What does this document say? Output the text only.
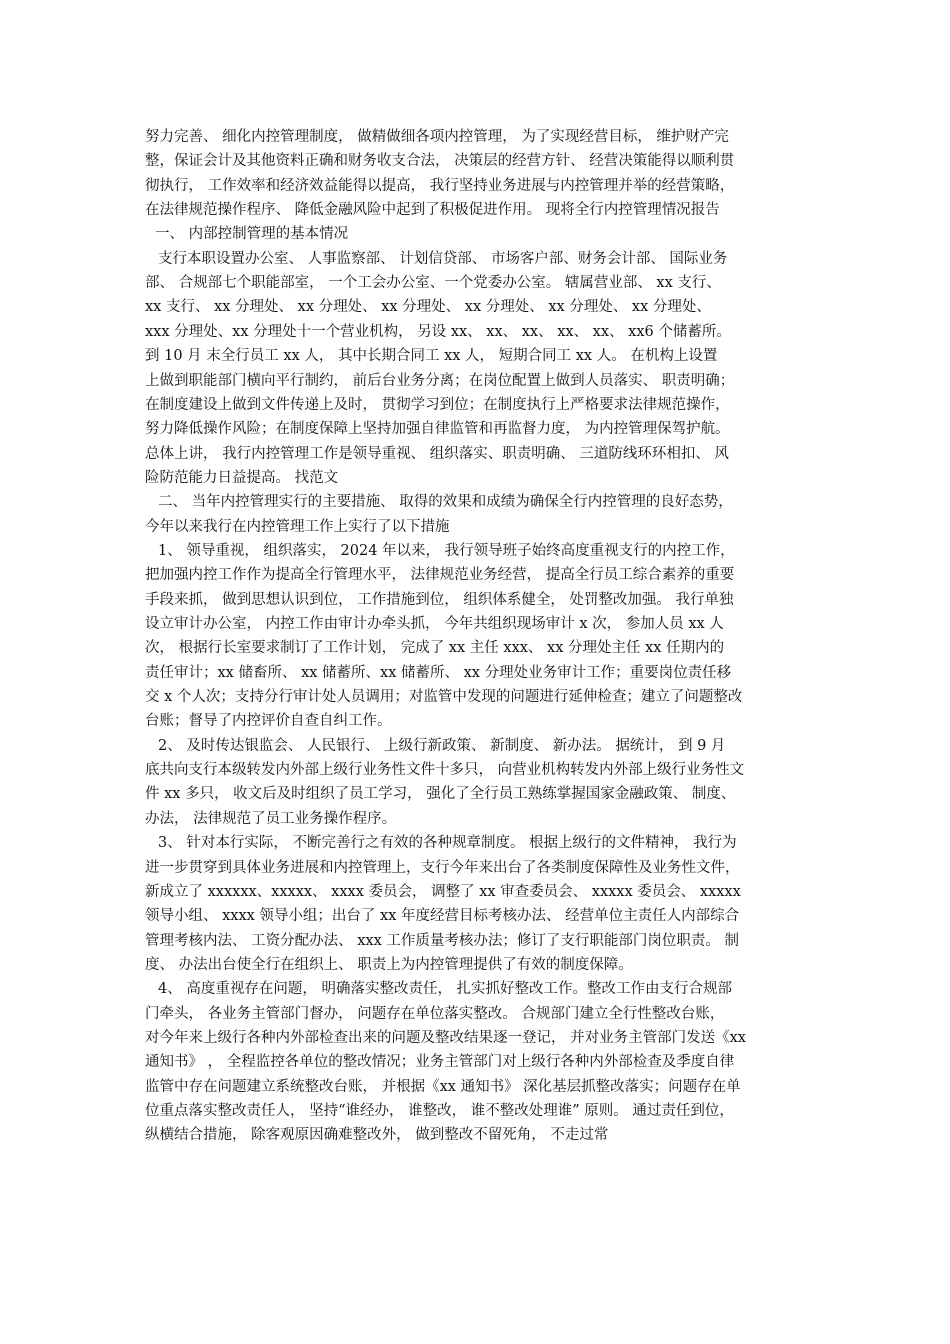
努力完善、 细化内控管理制度， 做精做细各项内控管理， 为了实现经营目标， 维护财产完
整，保证会计及其他资料正确和财务收支合法， 决策层的经营方针、 经营决策能得以顺利贯
彻执行， 工作效率和经济效益能得以提高， 我行坚持业务进展与内控管理并举的经营策略，
在法律规范操作程序、 降低金融风险中起到了积极促进作用。 现将全行内控管理情况报告
一、 内部控制管理的基本情况
支行本职设置办公室、 人事监察部、 计划信贷部、 市场客户部、财务会计部、 国际业务
部、 合规部七个职能部室， 一个工会办公室、一个党委办公室。 辖属营业部、 xx 支行、
xx 支行、 xx 分理处、 xx 分理处、 xx 分理处、 xx 分理处、 xx 分理处、 xx 分理处、
xxx 分理处、xx 分理处十一个营业机构， 另设 xx、 xx、 xx、 xx、 xx、 xx6 个储蓄所。
到 10 月 末全行员工 xx 人， 其中长期合同工 xx 人， 短期合同工 xx 人。 在机构上设置
上做到职能部门横向平行制约， 前后台业务分离；在岗位配置上做到人员落实、 职责明确；
在制度建设上做到文件传递上及时， 贯彻学习到位；在制度执行上严格要求法律规范操作，
努力降低操作风险；在制度保障上坚持加强自律监管和再监督力度， 为内控管理保驾护航。
总体上讲， 我行内控管理工作是领导重视、 组织落实、职责明确、 三道防线环环相扣、 风
险防范能力日益提高。 找范文
二、 当年内控管理实行的主要措施、 取得的效果和成绩为确保全行内控管理的良好态势，
今年以来我行在内控管理工作上实行了以下措施
1、 领导重视， 组织落实， 2024 年以来， 我行领导班子始终高度重视支行的内控工作，
把加强内控工作作为提高全行管理水平， 法律规范业务经营， 提高全行员工综合素养的重要
手段来抓， 做到思想认识到位， 工作措施到位， 组织体系健全， 处罚整改加强。 我行单独
设立审计办公室， 内控工作由审计办牵头抓， 今年共组织现场审计 x 次， 参加人员 xx 人
次， 根据行长室要求制订了工作计划， 完成了 xx 主任 xxx、 xx 分理处主任 xx 任期内的
责任审计；xx 储畜所、 xx 储蓄所、xx 储蓄所、 xx 分理处业务审计工作；重要岗位责任移
交 x 个人次；支持分行审计处人员调用；对监管中发现的问题进行延伸检查；建立了问题整改
台账；督导了内控评价自查自纠工作。
2、 及时传达银监会、 人民银行、 上级行新政策、 新制度、 新办法。 据统计， 到 9 月
底共向支行本级转发内外部上级行业务性文件十多只， 向营业机构转发内外部上级行业务性文
件 xx 多只， 收文后及时组织了员工学习， 强化了全行员工熟练掌握国家金融政策、 制度、
办法， 法律规范了员工业务操作程序。
3、 针对本行实际， 不断完善行之有效的各种规章制度。 根据上级行的文件精神， 我行为
进一步贯穿到具体业务进展和内控管理上，支行今年来出台了各类制度保障性及业务性文件，
新成立了 xxxxxx、xxxxx、 xxxx 委员会， 调整了 xx 审查委员会、 xxxxx 委员会、 xxxxx
领导小组、 xxxx 领导小组；出台了 xx 年度经营目标考核办法、 经营单位主责任人内部综合
管理考核内法、 工资分配办法、 xxx 工作质量考核办法；修订了支行职能部门岗位职责。 制
度、 办法出台使全行在组织上、 职责上为内控管理提供了有效的制度保障。
4、 高度重视存在问题， 明确落实整改责任， 扎实抓好整改工作。整改工作由支行合规部
门牵头， 各业务主管部门督办， 问题存在单位落实整改。 合规部门建立全行性整改台账，
对今年来上级行各种内外部检查出来的问题及整改结果逐一登记， 并对业务主管部门发送《xx
通知书》 ， 全程监控各单位的整改情况；业务主管部门对上级行各种内外部检查及季度自律
监管中存在问题建立系统整改台账， 并根据《xx 通知书》 深化基层抓整改落实；问题存在单
位重点落实整改责任人， 坚持“谁经办， 谁整改， 谁不整改处理谁” 原则。 通过责任到位，
纵横结合措施， 除客观原因确难整改外， 做到整改不留死角， 不走过常
